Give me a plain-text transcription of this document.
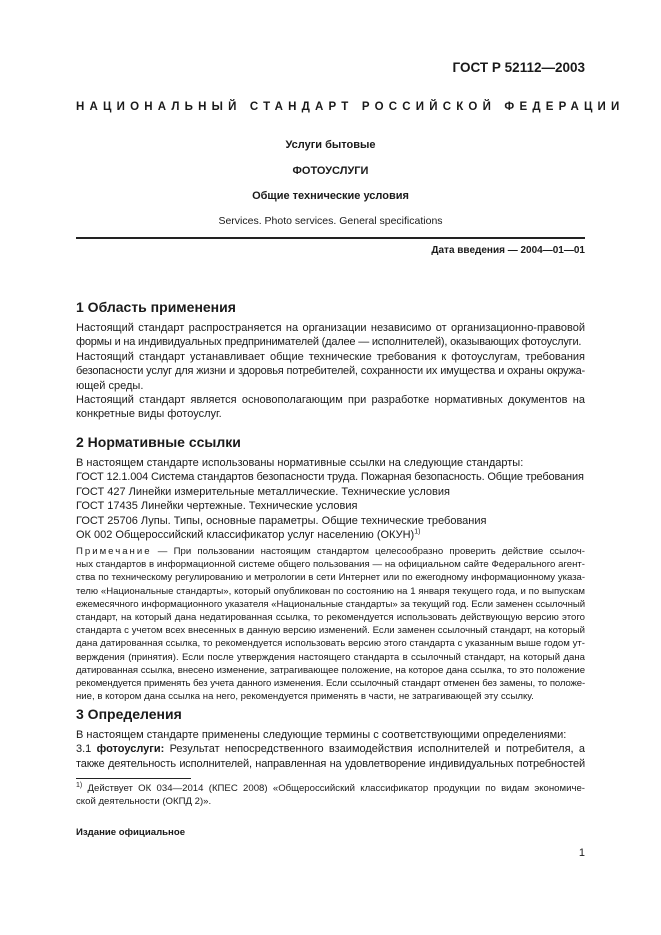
ГОСТ Р 52112—2003
НАЦИОНАЛЬНЫЙ СТАНДАРТ РОССИЙСКОЙ ФЕДЕРАЦИИ
Услуги бытовые
ФОТОУСЛУГИ
Общие технические условия
Services. Photo services. General specifications
Дата введения — 2004—01—01
1 Область применения
Настоящий стандарт распространяется на организации независимо от организационно-правовой
формы и на индивидуальных предпринимателей (далее — исполнителей), оказывающих фотоуслуги.
Настоящий стандарт устанавливает общие технические требования к фотоуслугам, требования
безопасности услуг для жизни и здоровья потребителей, сохранности их имущества и охраны окружа-
ющей среды.
Настоящий стандарт является основополагающим при разработке нормативных документов на
конкретные виды фотоуслуг.
2 Нормативные ссылки
В настоящем стандарте использованы нормативные ссылки на следующие стандарты:
ГОСТ 12.1.004 Система стандартов безопасности труда. Пожарная безопасность. Общие требования
ГОСТ 427 Линейки измерительные металлические. Технические условия
ГОСТ 17435 Линейки чертежные. Технические условия
ГОСТ 25706 Лупы. Типы, основные параметры. Общие технические требования
ОК 002 Общероссийский классификатор услуг населению (ОКУН)$^{1)}$
Примечание — При пользовании настоящим стандартом целесообразно проверить действие ссылоч-
ных стандартов в информационной системе общего пользования — на официальном сайте Федерального агент-
ства по техническому регулированию и метрологии в сети Интернет или по ежегодному информационному указа-
телю «Национальные стандарты», который опубликован по состоянию на 1 января текущего года, и по выпускам
ежемесячного информационного указателя «Национальные стандарты» за текущий год. Если заменен ссылочный
стандарт, на который дана недатированная ссылка, то рекомендуется использовать действующую версию этого
стандарта с учетом всех внесенных в данную версию изменений. Если заменен ссылочный стандарт, на который
дана датированная ссылка, то рекомендуется использовать версию этого стандарта с указанным выше годом ут-
верждения (принятия). Если после утверждения настоящего стандарта в ссылочный стандарт, на который дана
датированная ссылка, внесено изменение, затрагивающее положение, на которое дана ссылка, то это положение
рекомендуется применять без учета данного изменения. Если ссылочный стандарт отменен без замены, то положе-
ние, в котором дана ссылка на него, рекомендуется применять в части, не затрагивающей эту ссылку.
3 Определения
В настоящем стандарте применены следующие термины с соответствующими определениями:
3.1 фотоуслуги: Результат непосредственного взаимодействия исполнителей и потребителя, а
также деятельность исполнителей, направленная на удовлетворение индивидуальных потребностей
$^{1)}$ Действует ОК 034—2014 (КПЕС 2008) «Общероссийский классификатор продукции по видам экономиче-
ской деятельности (ОКПД 2)».
Издание официальное
1
